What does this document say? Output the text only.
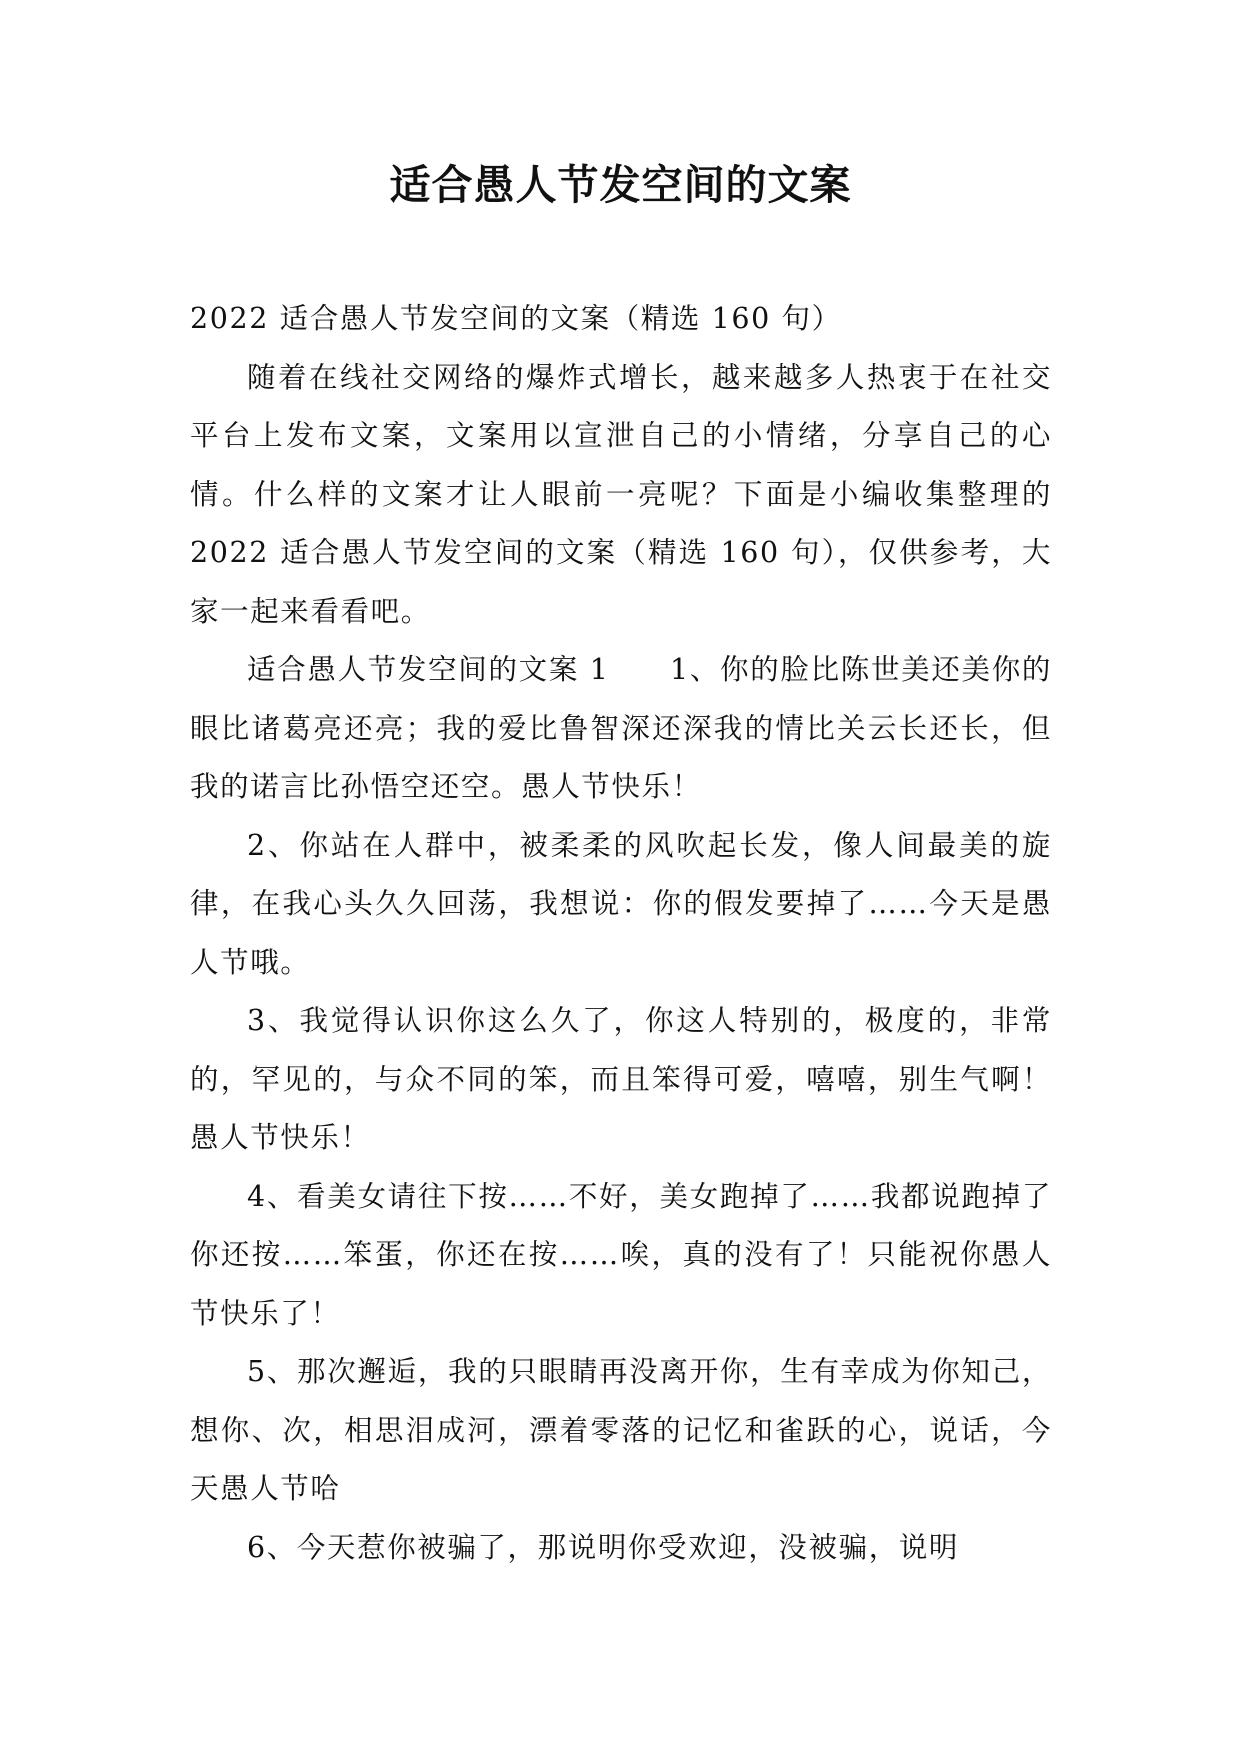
适合愚人节发空间的文案

2022 适合愚人节发空间的文案（精选 160 句）

随着在线社交网络的爆炸式增长，越来越多人热衷于在社交平台上发布文案，文案用以宣泄自己的小情绪，分享自己的心情。什么样的文案才让人眼前一亮呢？下面是小编收集整理的 2022 适合愚人节发空间的文案（精选 160 句），仅供参考，大家一起来看看吧。

适合愚人节发空间的文案 1　　1、你的脸比陈世美还美你的眼比诸葛亮还亮；我的爱比鲁智深还深我的情比关云长还长，但我的诺言比孙悟空还空。愚人节快乐！

2、你站在人群中，被柔柔的风吹起长发，像人间最美的旋律，在我心头久久回荡，我想说：你的假发要掉了……今天是愚人节哦。

3、我觉得认识你这么久了，你这人特别的，极度的，非常的，罕见的，与众不同的笨，而且笨得可爱，嘻嘻，别生气啊！愚人节快乐！

4、看美女请往下按……不好，美女跑掉了……我都说跑掉了你还按……笨蛋，你还在按……唉，真的没有了！只能祝你愚人节快乐了！

5、那次邂逅，我的只眼睛再没离开你，生有幸成为你知己，想你、次，相思泪成河，漂着零落的记忆和雀跃的心，说话，今天愚人节哈

6、今天惹你被骗了，那说明你受欢迎，没被骗，说明
